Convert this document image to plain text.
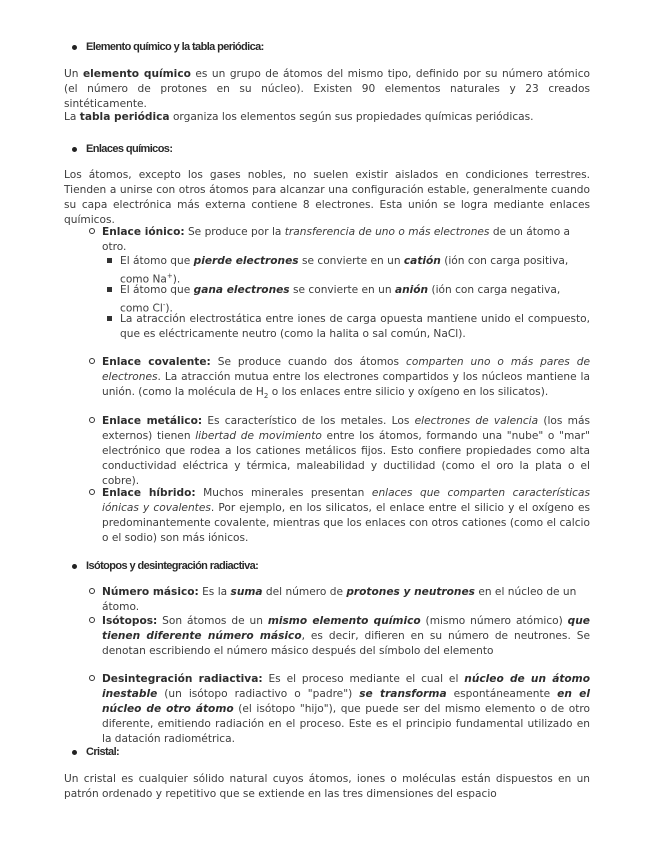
Elemento químico y la tabla periódica:

Un elemento químico es un grupo de átomos del mismo tipo, definido por su número atómico (el número de protones en su núcleo). Existen 90 elementos naturales y 23 creados sintéticamente.

La tabla periódica organiza los elementos según sus propiedades químicas periódicas.

Enlaces químicos:

Los átomos, excepto los gases nobles, no suelen existir aislados en condiciones terrestres. Tienden a unirse con otros átomos para alcanzar una configuración estable, generalmente cuando su capa electrónica más externa contiene 8 electrones. Esta unión se logra mediante enlaces químicos.

Enlace iónico: Se produce por la transferencia de uno o más electrones de un átomo a otro.

El átomo que pierde electrones se convierte en un catión (ión con carga positiva, como Na+).

El átomo que gana electrones se convierte en un anión (ión con carga negativa, como Cl-).

La atracción electrostática entre iones de carga opuesta mantiene unido el compuesto, que es eléctricamente neutro (como la halita o sal común, NaCl).

Enlace covalente: Se produce cuando dos átomos comparten uno o más pares de electrones. La atracción mutua entre los electrones compartidos y los núcleos mantiene la unión. (como la molécula de $H_2$ o los enlaces entre silicio y oxígeno en los silicatos).

Enlace metálico: Es característico de los metales. Los electrones de valencia (los más externos) tienen libertad de movimiento entre los átomos, formando una "nube" o "mar" electrónico que rodea a los cationes metálicos fijos. Esto confiere propiedades como alta conductividad eléctrica y térmica, maleabilidad y ductilidad (como el oro la plata o el cobre).

Enlace híbrido: Muchos minerales presentan enlaces que comparten características iónicas y covalentes. Por ejemplo, en los silicatos, el enlace entre el silicio y el oxígeno es predominantemente covalente, mientras que los enlaces con otros cationes (como el calcio o el sodio) son más iónicos.

Isótopos y desintegración radiactiva:

Número másico: Es la suma del número de protones y neutrones en el núcleo de un átomo.

Isótopos: Son átomos de un mismo elemento químico (mismo número atómico) que tienen diferente número másico, es decir, difieren en su número de neutrones. Se denotan escribiendo el número másico después del símbolo del elemento

Desintegración radiactiva: Es el proceso mediante el cual el núcleo de un átomo inestable (un isótopo radiactivo o "padre") se transforma espontáneamente en el núcleo de otro átomo (el isótopo "hijo"), que puede ser del mismo elemento o de otro diferente, emitiendo radiación en el proceso. Este es el principio fundamental utilizado en la datación radiométrica.

Cristal:

Un cristal es cualquier sólido natural cuyos átomos, iones o moléculas están dispuestos en un patrón ordenado y repetitivo que se extiende en las tres dimensiones del espacio
